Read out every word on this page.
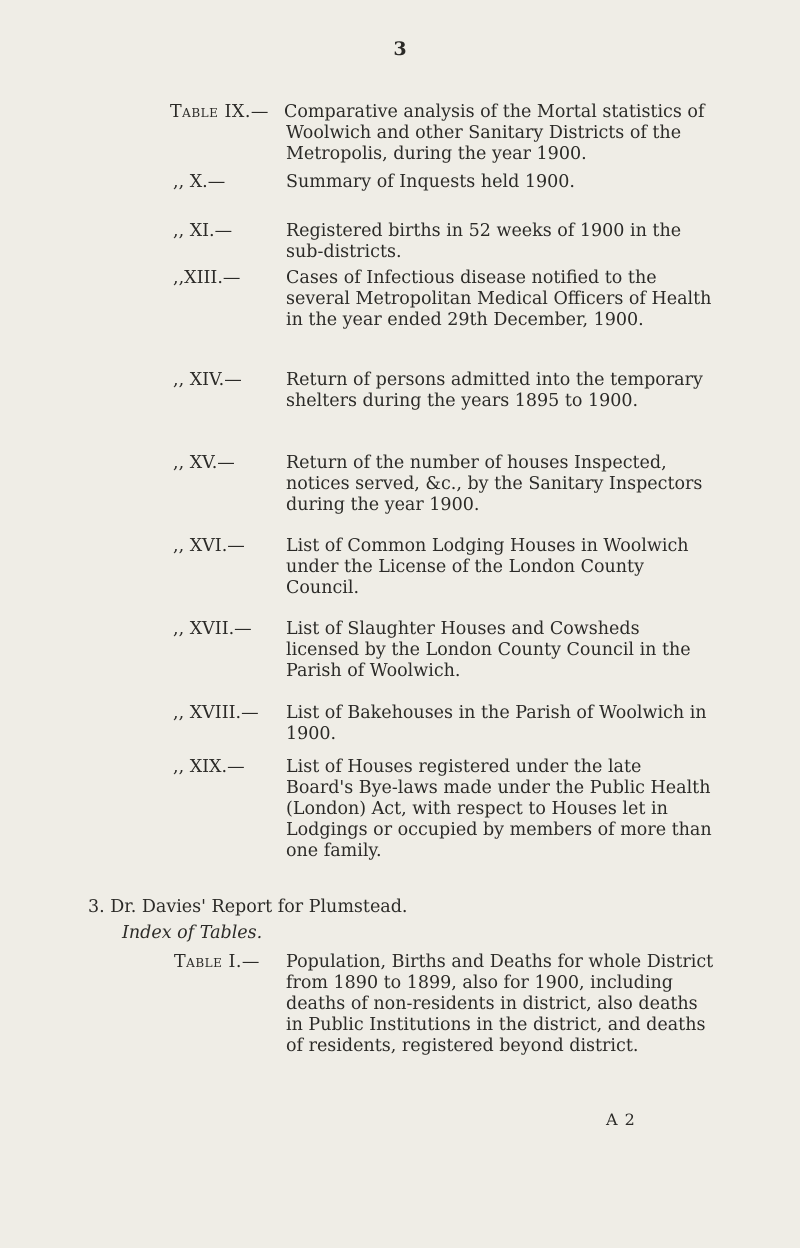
3
Table IX.— Comparative analysis of the Mortal statistics of Woolwich and other Sanitary Districts of the Metropolis, during the year 1900.
,, X.—	Summary of Inquests held 1900.
,, XI.—	Registered births in 52 weeks of 1900 in the sub-districts.
,,XIII.—	Cases of Infectious disease notified to the several Metropolitan Medical Officers of Health in the year ended 29th December, 1900.
,, XIV.—	Return of persons admitted into the temporary shelters during the years 1895 to 1900.
,, XV.—	Return of the number of houses Inspected, notices served, &c., by the Sanitary Inspectors during the year 1900.
,, XVI.— List of Common Lodging Houses in Woolwich under the License of the London County Council.
,, XVII.— List of Slaughter Houses and Cowsheds licensed by the London County Council in the Parish of Woolwich.
,, XVIII.— List of Bakehouses in the Parish of Woolwich in 1900.
,, XIX.— List of Houses registered under the late Board's Bye-laws made under the Public Health (London) Act, with respect to Houses let in Lodgings or occupied by members of more than one family.
3. Dr. Davies' Report for Plumstead.
Index of Tables.
Table I.— Population, Births and Deaths for whole District from 1890 to 1899, also for 1900, including deaths of non-residents in district, also deaths in Public Institutions in the district, and deaths of residents, registered beyond district.
A 2
